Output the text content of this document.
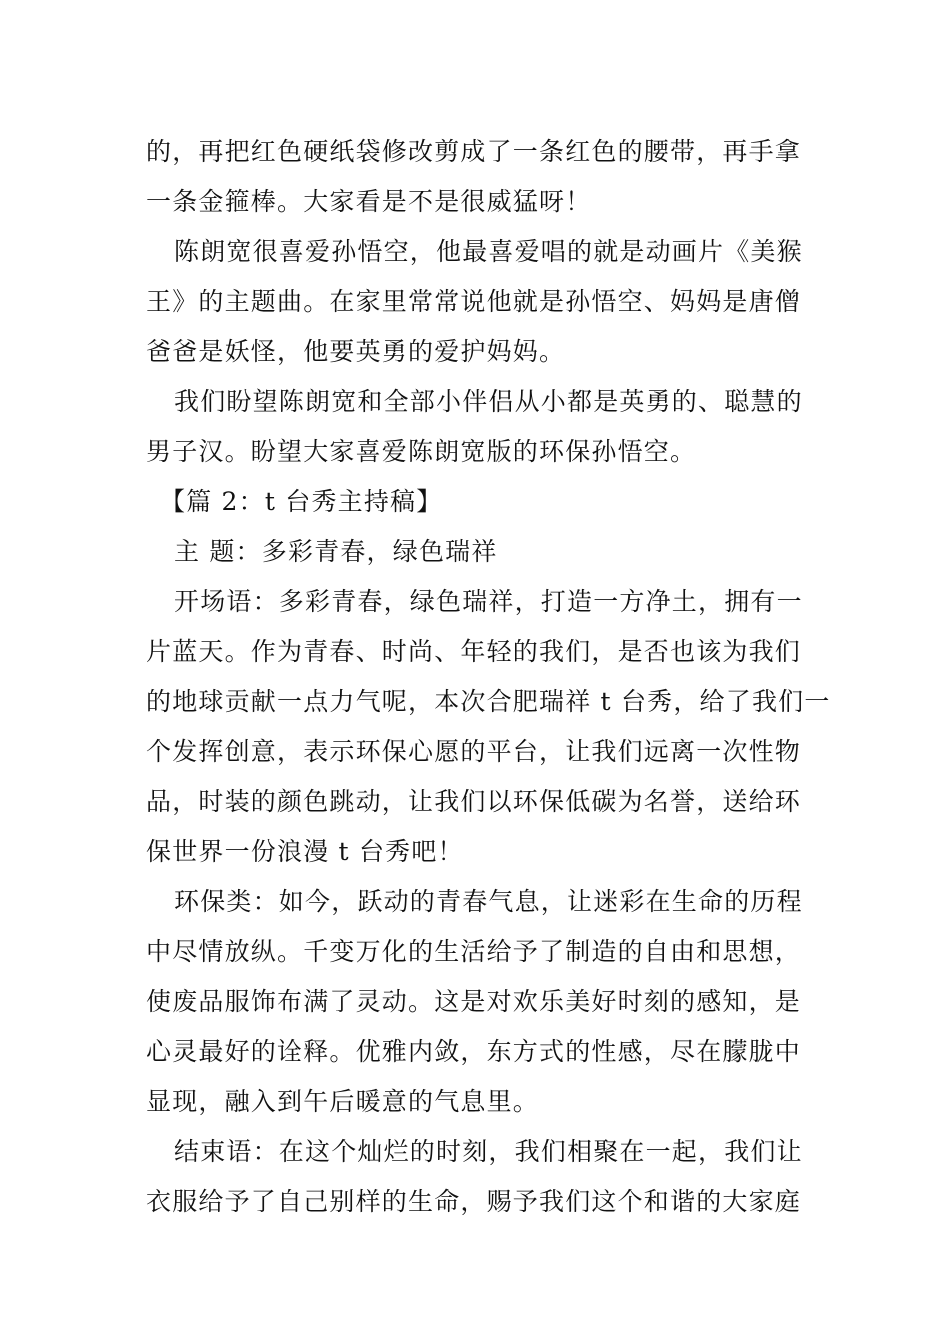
的，再把红色硬纸袋修改剪成了一条红色的腰带，再手拿
一条金箍棒。大家看是不是很威猛呀！
陈朗宽很喜爱孙悟空，他最喜爱唱的就是动画片《美猴
王》的主题曲。在家里常常说他就是孙悟空、妈妈是唐僧
爸爸是妖怪，他要英勇的爱护妈妈。
我们盼望陈朗宽和全部小伴侣从小都是英勇的、聪慧的
男子汉。盼望大家喜爱陈朗宽版的环保孙悟空。
【篇 2：t 台秀主持稿】
主 题：多彩青春，绿色瑞祥
开场语：多彩青春，绿色瑞祥，打造一方净土，拥有一
片蓝天。作为青春、时尚、年轻的我们，是否也该为我们
的地球贡献一点力气呢，本次合肥瑞祥 t 台秀，给了我们一
个发挥创意，表示环保心愿的平台，让我们远离一次性物
品，时装的颜色跳动，让我们以环保低碳为名誉，送给环
保世界一份浪漫 t 台秀吧！
环保类：如今，跃动的青春气息，让迷彩在生命的历程
中尽情放纵。千变万化的生活给予了制造的自由和思想，
使废品服饰布满了灵动。这是对欢乐美好时刻的感知，是
心灵最好的诠释。优雅内敛，东方式的性感，尽在朦胧中
显现，融入到午后暖意的气息里。
结束语：在这个灿烂的时刻，我们相聚在一起，我们让
衣服给予了自己别样的生命，赐予我们这个和谐的大家庭
